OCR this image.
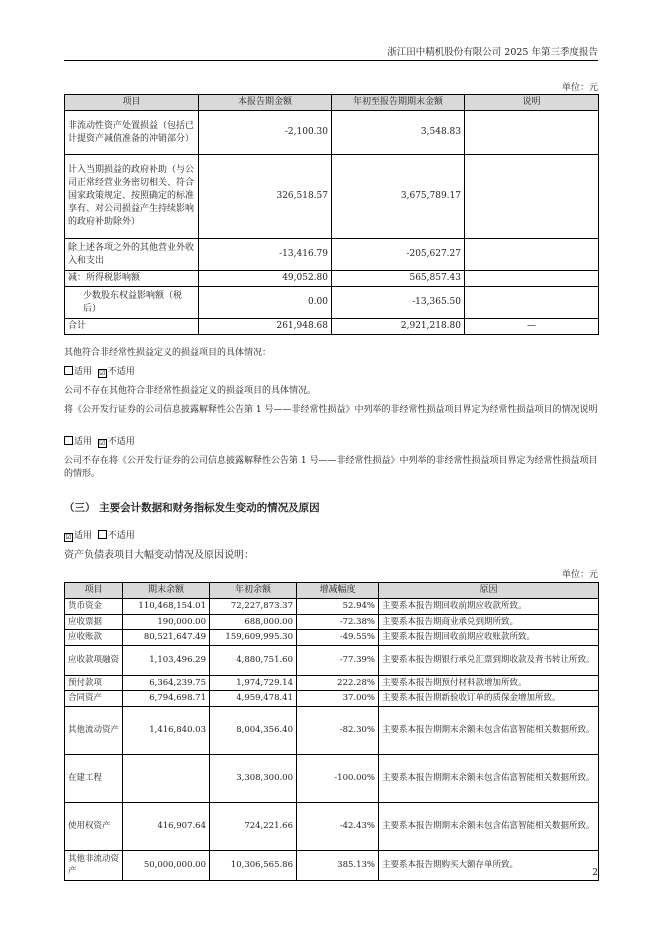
浙江田中精机股份有限公司 2025 年第三季度报告
单位：元
项目	本报告期金额	年初至报告期期末金额	说明
非流动性资产处置损益（包括已计提资产减值准备的冲销部分）	-2,100.30	3,548.83	
计入当期损益的政府补助（与公司正常经营业务密切相关、符合国家政策规定、按照确定的标准享有、对公司损益产生持续影响的政府补助除外）	326,518.57	3,675,789.17	
除上述各项之外的其他营业外收入和支出	-13,416.79	-205,627.27	
减：所得税影响额	49,052.80	565,857.43	
少数股东权益影响额（税后）	0.00	-13,365.50	
合计	261,948.68	2,921,218.80	—
其他符合非经常性损益定义的损益项目的具体情况：
适用 ☑ 不适用
公司不存在其他符合非经常性损益定义的损益项目的具体情况。
将《公开发行证券的公司信息披露解释性公告第 1 号——非经常性损益》中列举的非经常性损益项目界定为经常性损益项目的情况说明
适用 ☑ 不适用
公司不存在将《公开发行证券的公司信息披露解释性公告第 1 号——非经常性损益》中列举的非经常性损益项目界定为经常性损益项目的情形。
（三） 主要会计数据和财务指标发生变动的情况及原因
☑ 适用 不适用
资产负债表项目大幅变动情况及原因说明：
单位：元
项目	期末余额	年初余额	增减幅度	原因
货币资金	110,468,154.01	72,227,873.37	52.94%	主要系本报告期回收前期应收款所致。
应收票据	190,000.00	688,000.00	-72.38%	主要系本报告期商业承兑到期所致。
应收账款	80,521,647.49	159,609,995.30	-49.55%	主要系本报告期回收前期应收账款所致。
应收款项融资	1,103,496.29	4,880,751.60	-77.39%	主要系本报告期银行承兑汇票到期收款及背书转让所致。
预付款项	6,364,239.75	1,974,729.14	222.28%	主要系本报告期预付材料款增加所致。
合同资产	6,794,698.71	4,959,478.41	37.00%	主要系本报告期新验收订单的质保金增加所致。
其他流动资产	1,416,840.03	8,004,356.40	-82.30%	主要系本报告期期末余额未包含佑富智能相关数据所致。
在建工程		3,308,300.00	-100.00%	主要系本报告期期末余额未包含佑富智能相关数据所致。
使用权资产	416,907.64	724,221.66	-42.43%	主要系本报告期期末余额未包含佑富智能相关数据所致。
其他非流动资产	50,000,000.00	10,306,565.86	385.13%	主要系本报告期购买大额存单所致。
2
